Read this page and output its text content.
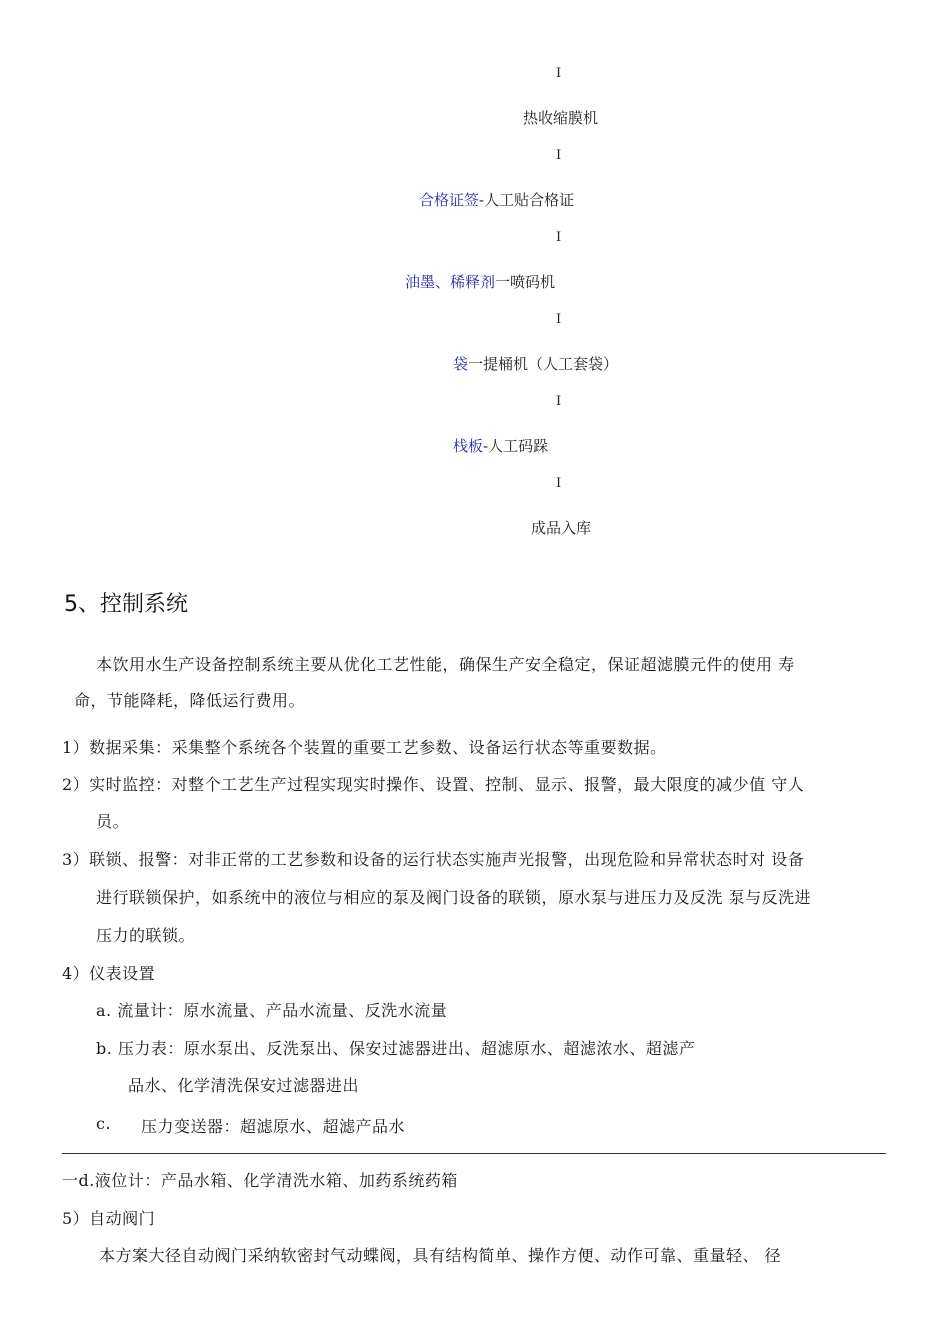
I
热收缩膜机
I
合格证签-人工贴合格证
I
油墨、稀释剂一喷码机
I
袋一提桶机（人工套袋）
I
栈板-人工码跺
I
成品入库
5、控制系统
本饮用水生产设备控制系统主要从优化工艺性能，确保生产安全稳定，保证超滤膜元件的使用 寿
命，节能降耗，降低运行费用。
1）数据采集：采集整个系统各个装置的重要工艺参数、设备运行状态等重要数据。
2）实时监控：对整个工艺生产过程实现实时操作、设置、控制、显示、报警，最大限度的减少值 守人
员。
3）联锁、报警：对非正常的工艺参数和设备的运行状态实施声光报警，出现危险和异常状态时对 设备
进行联锁保护，如系统中的液位与相应的泵及阀门设备的联锁，原水泵与进压力及反洗 泵与反洗进
压力的联锁。
4）仪表设置
a. 流量计：原水流量、产品水流量、反洗水流量
b. 压力表：原水泵出、反洗泵出、保安过滤器进出、超滤原水、超滤浓水、超滤产
品水、化学清洗保安过滤器进出
c. 压力变送器：超滤原水、超滤产品水
一d.液位计：产品水箱、化学清洗水箱、加药系统药箱
5）自动阀门
本方案大径自动阀门采纳软密封气动蝶阀，具有结构简单、操作方便、动作可靠、重量轻、 径
